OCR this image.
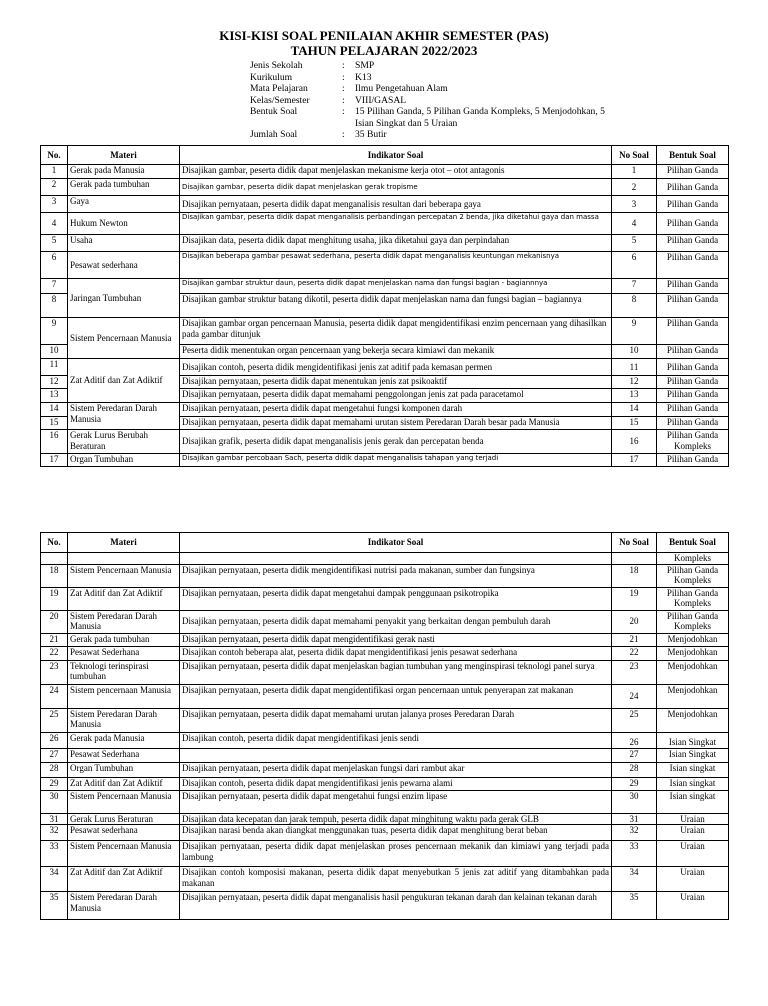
KISI-KISI SOAL PENILAIAN AKHIR SEMESTER (PAS)
TAHUN PELAJARAN 2022/2023
Jenis Sekolah	:	SMP
Kurikulum	:	K13
Mata Pelajaran	:	Ilmu Pengetahuan Alam
Kelas/Semester	:	VIII/GASAL
Bentuk Soal	:	15 Pilihan Ganda, 5 Pilihan Ganda Kompleks, 5 Menjodohkan, 5 Isian Singkat dan 5 Uraian
Jumlah Soal	:	35 Butir
No.	Materi	Indikator Soal	No Soal	Bentuk Soal
1	Gerak pada Manusia	Disajikan gambar, peserta didik dapat menjelaskan mekanisme kerja otot – otot antagonis	1	Pilihan Ganda
2	Gerak pada tumbuhan	Disajikan gambar, peserta didik dapat menjelaskan gerak tropisme	2	Pilihan Ganda
3	Gaya	Disajikan pernyataan, peserta didik dapat menganalisis resultan dari beberapa gaya	3	Pilihan Ganda
4	Hukum Newton	Disajikan gambar, peserta didik dapat menganalisis perbandingan percepatan 2 benda, jika diketahui gaya dan massa	4	Pilihan Ganda
5	Usaha	Disajikan data, peserta didik dapat menghitung usaha, jika diketahui gaya dan perpindahan	5	Pilihan Ganda
6	Pesawat sederhana	Disajikan beberapa gambar pesawat sederhana, peserta didik dapat menganalisis keuntungan mekanisnya	6	Pilihan Ganda
7	Jaringan Tumbuhan	Disajikan gambar struktur daun, peserta didik dapat menjelaskan nama dan fungsi bagian - bagiannnya	7	Pilihan Ganda
8		Disajikan gambar struktur batang dikotil, peserta didik dapat menjelaskan nama dan fungsi bagian – bagiannya	8	Pilihan Ganda
9	Sistem Pencernaan Manusia	Disajikan gambar organ pencernaan Manusia, peserta didik dapat mengidentifikasi enzim pencernaan yang dihasilkan pada gambar ditunjuk	9	Pilihan Ganda
10		Peserta didik menentukan organ pencernaan yang bekerja secara kimiawi dan mekanik	10	Pilihan Ganda
11	Zat Aditif dan Zat Adiktif	Disajikan contoh, peserta didik mengidentifikasi jenis zat aditif pada kemasan permen	11	Pilihan Ganda
12		Disajikan pernyataan, peserta didik dapat menentukan jenis zat psikoaktif	12	Pilihan Ganda
13		Disajikan pernyataan, peserta didik dapat memahami penggolongan jenis zat pada paracetamol	13	Pilihan Ganda
14	Sistem Peredaran Darah Manusia	Disajikan pernyataan, peserta didik dapat mengetahui fungsi komponen darah	14	Pilihan Ganda
15		Disajikan pernyataan, peserta didik dapat memahami urutan sistem Peredaran Darah besar pada Manusia	15	Pilihan Ganda
16	Gerak Lurus Berubah Beraturan	Disajikan grafik, peserta didik dapat menganalisis jenis gerak dan percepatan benda	16	Pilihan Ganda Kompleks
17	Organ Tumbuhan	Disajikan gambar percobaan Sach, peserta didik dapat menganalisis tahapan yang terjadi	17	Pilihan Ganda
No.	Materi	Indikator Soal	No Soal	Bentuk Soal
				Kompleks
18	Sistem Pencernaan Manusia	Disajikan pernyataan, peserta didik mengidentifikasi nutrisi pada makanan, sumber dan fungsinya	18	Pilihan Ganda Kompleks
19	Zat Aditif dan Zat Adiktif	Disajikan pernyataan, peserta didik dapat mengetahui dampak penggunaan psikotropika	19	Pilihan Ganda Kompleks
20	Sistem Peredaran Darah Manusia	Disajikan pernyataan, peserta didik dapat memahami penyakit yang berkaitan dengan pembuluh darah	20	Pilihan Ganda Kompleks
21	Gerak pada tumbuhan	Disajikan pernyataan, peserta didik dapat mengidentifikasi gerak nasti	21	Menjodohkan
22	Pesawat Sederhana	Disajikan contoh beberapa alat, peserta didik dapat mengidentifikasi jenis pesawat sederhana	22	Menjodohkan
23	Teknologi terinspirasi tumbuhan	Disajikan pernyataan, peserta didik dapat menjelaskan bagian tumbuhan yang menginspirasi teknologi panel surya	23	Menjodohkan
24	Sistem pencernaan Manusia	Disajikan pernyataan, peserta didik dapat mengidentifikasi organ pencernaan untuk penyerapan zat makanan	24	Menjodohkan
25	Sistem Peredaran Darah Manusia	Disajikan pernyataan, peserta didik dapat memahami urutan jalanya proses Peredaran Darah	25	Menjodohkan
26	Gerak pada Manusia	Disajikan contoh, peserta didik dapat mengidentifikasi jenis sendi	26	Isian Singkat
27	Pesawat Sederhana		27	Isian Singkat
28	Organ Tumbuhan	Disajikan pernyataan, peserta didik dapat menjelaskan fungsi dari rambut akar	28	Isian singkat
29	Zat Aditif dan Zat Adiktif	Disajikan contoh, peserta didik dapat mengidentifikasi jenis pewarna alami	29	Isian singkat
30	Sistem Pencernaan Manusia	Disajikan pernyataan, peserta didik dapat mengetahui fungsi enzim lipase	30	Isian singkat
31	Gerak Lurus Beraturan	Disajikan data kecepatan dan jarak tempuh, peserta didik dapat minghitung waktu pada gerak GLB	31	Uraian
32	Pesawat sederhana	Disajikan narasi benda akan diangkat menggunakan tuas, peserta didik dapat menghitung berat beban	32	Uraian
33	Sistem Pencernaan Manusia	Disajikan pernyataan, peserta didik dapat menjelaskan proses pencernaan mekanik dan kimiawi yang terjadi pada lambung	33	Uraian
34	Zat Aditif dan Zat Adiktif	Disajikan contoh komposisi makanan, peserta didik dapat menyebutkan 5 jenis zat aditif yang ditambahkan pada makanan	34	Uraian
35	Sistem Peredaran Darah Manusia	Disajikan pernyataan, peserta didik dapat menganalisis hasil pengukuran tekanan darah dan kelainan tekanan darah	35	Uraian
